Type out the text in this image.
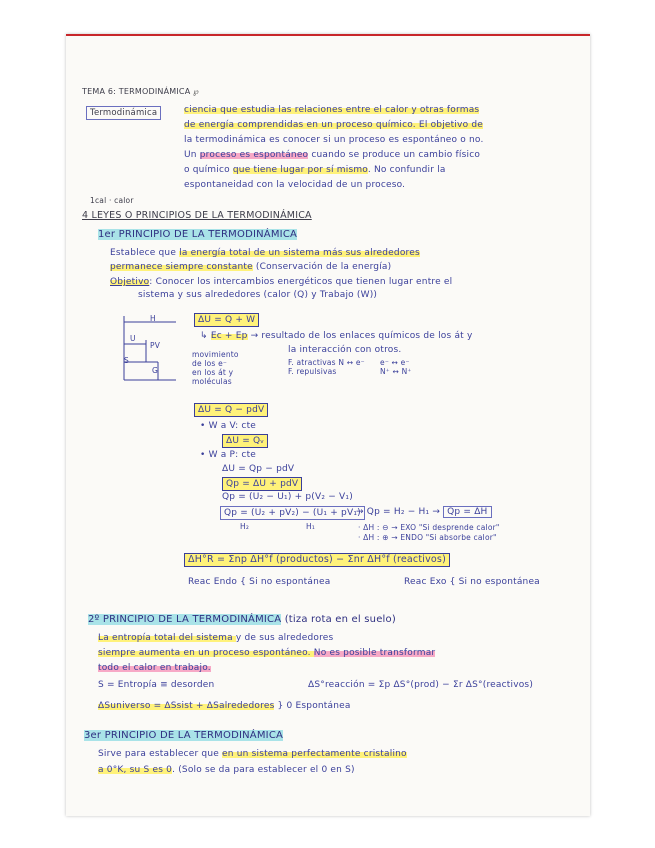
TEMA 6: TERMODINÁMICA ℘
Termodinámica	ciencia que estudia las relaciones entre el calor y otras formas
de energía comprendidas en un proceso químico. El objetivo de
la termodinámica es conocer si un proceso es espontáneo o no.
Un proceso es espontáneo cuando se produce un cambio físico
o químico que tiene lugar por sí mismo. No confundir la
espontaneidad con la velocidad de un proceso.
1cal · calor
4 LEYES O PRINCIPIOS DE LA TERMODINÁMICA
1er PRINCIPIO DE LA TERMODINÁMICA
Establece que la energía total de un sistema más sus alrededores
permanece siempre constante (Conservación de la energía)
Objetivo: Conocer los intercambios energéticos que tienen lugar entre el
sistema y sus alrededores (calor (Q) y Trabajo (W))
H
U
PV
S
G
ΔU = Q + W
↳ Ec + Ep → resultado de los enlaces químicos de los át y
la interacción con otros.
movimiento
de los e⁻
en los át y
moléculas
F. atractivas N ↔ e⁻
F. repulsivas
e⁻ ↔ e⁻
N⁺ ↔ N⁺

ΔU = Q − pdV
• W a V: cte
ΔU = Qᵥ
• W a P: cte
ΔU = Qp − pdV
Qp = ΔU + pdV
Qp = (U₂ − U₁) + p(V₂ − V₁)
Qp = (U₂ + pV₂) − (U₁ + pV₁)
H₂	H₁
→ Qp = H₂ − H₁ → Qp = ΔH
· ΔH : ⊖ → EXO "Si desprende calor"
· ΔH : ⊕ → ENDO "Si absorbe calor"
ΔH°R = Σnp ΔH°f (productos) − Σnr ΔH°f (reactivos)
Reac Endo { Si no espontánea	Reac Exo { Si no espontánea
2º PRINCIPIO DE LA TERMODINÁMICA (tiza rota en el suelo)
La entropía total del sistema y de sus alrededores
siempre aumenta en un proceso espontáneo. No es posible transformar
todo el calor en trabajo.
S = Entropía ≡ desorden	ΔS°reacción = Σp ΔS°(prod) − Σr ΔS°(reactivos)
ΔSuniverso = ΔSsist + ΔSalrededores } 0 Espontánea
3er PRINCIPIO DE LA TERMODINÁMICA
Sirve para establecer que en un sistema perfectamente cristalino
a 0°K, su S es 0. (Solo se da para establecer el 0 en S)
